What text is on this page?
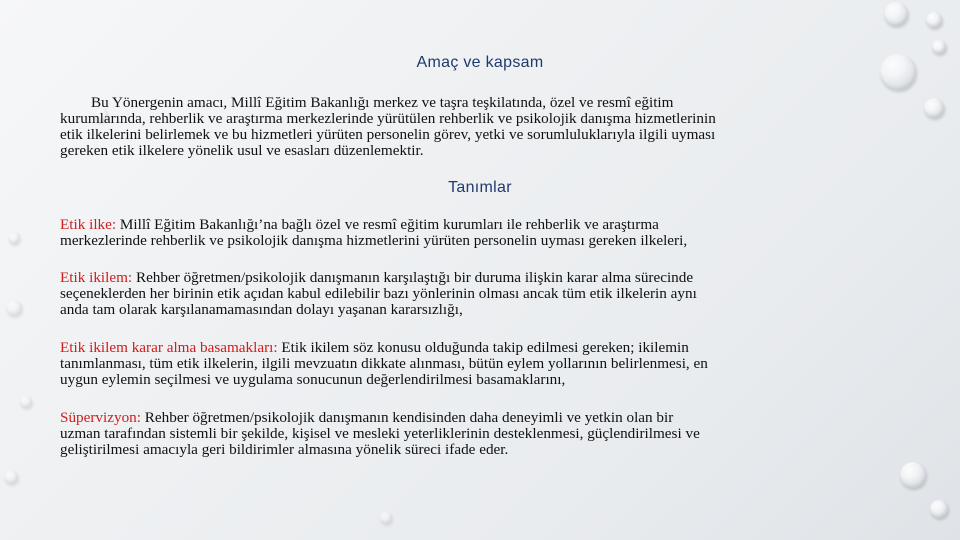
Amaç ve kapsam

Bu Yönergenin amacı, Millî Eğitim Bakanlığı merkez ve taşra teşkilatında, özel ve resmî eğitim
kurumlarında, rehberlik ve araştırma merkezlerinde yürütülen rehberlik ve psikolojik danışma hizmetlerinin
etik ilkelerini belirlemek ve bu hizmetleri yürüten personelin görev, yetki ve sorumluluklarıyla ilgili uyması
gereken etik ilkelere yönelik usul ve esasları düzenlemektir.

Tanımlar

Etik ilke: Millî Eğitim Bakanlığı’na bağlı özel ve resmî eğitim kurumları ile rehberlik ve araştırma
merkezlerinde rehberlik ve psikolojik danışma hizmetlerini yürüten personelin uyması gereken ilkeleri,

Etik ikilem: Rehber öğretmen/psikolojik danışmanın karşılaştığı bir duruma ilişkin karar alma sürecinde
seçeneklerden her birinin etik açıdan kabul edilebilir bazı yönlerinin olması ancak tüm etik ilkelerin aynı
anda tam olarak karşılanamamasından dolayı yaşanan kararsızlığı,

Etik ikilem karar alma basamakları: Etik ikilem söz konusu olduğunda takip edilmesi gereken; ikilemin
tanımlanması, tüm etik ilkelerin, ilgili mevzuatın dikkate alınması, bütün eylem yollarının belirlenmesi, en
uygun eylemin seçilmesi ve uygulama sonucunun değerlendirilmesi basamaklarını,

Süpervizyon: Rehber öğretmen/psikolojik danışmanın kendisinden daha deneyimli ve yetkin olan bir
uzman tarafından sistemli bir şekilde, kişisel ve mesleki yeterliklerinin desteklenmesi, güçlendirilmesi ve
geliştirilmesi amacıyla geri bildirimler almasına yönelik süreci ifade eder.
